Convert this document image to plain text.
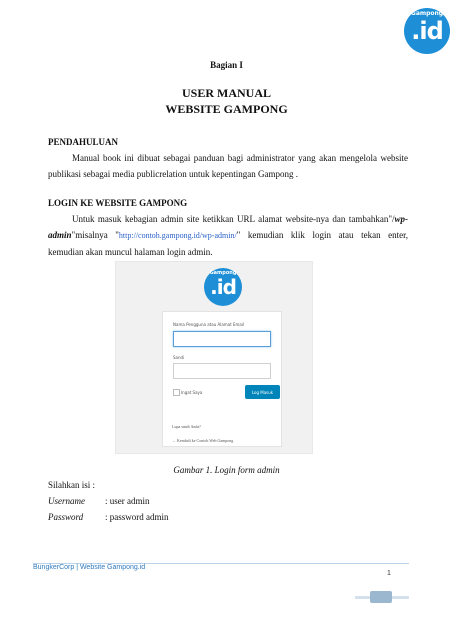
Gampong
.id
Bagian I
USER MANUAL
WEBSITE GAMPONG
PENDAHULUAN
Manual book ini dibuat sebagai panduan bagi administrator yang akan mengelola website publikasi sebagai media publicrelation untuk kepentingan Gampong .
LOGIN KE WEBSITE GAMPONG
Untuk masuk kebagian admin site ketikkan URL alamat website-nya dan tambahkan"/wp-admin"misalnya "http://contoh.gampong.id/wp-admin/" kemudian klik login atau tekan enter, kemudian akan muncul halaman login admin.
Gampong
.id
Nama Pengguna atau Alamat Email
Sandi
Ingat Saya	Log Masuk
Lupa sandi Anda?
← Kembali ke Contoh Web Gampong
Gambar 1. Login form admin
Silahkan isi :
Username : user admin
Password : password admin
BungkerCorp | Website Gampong.id
1
